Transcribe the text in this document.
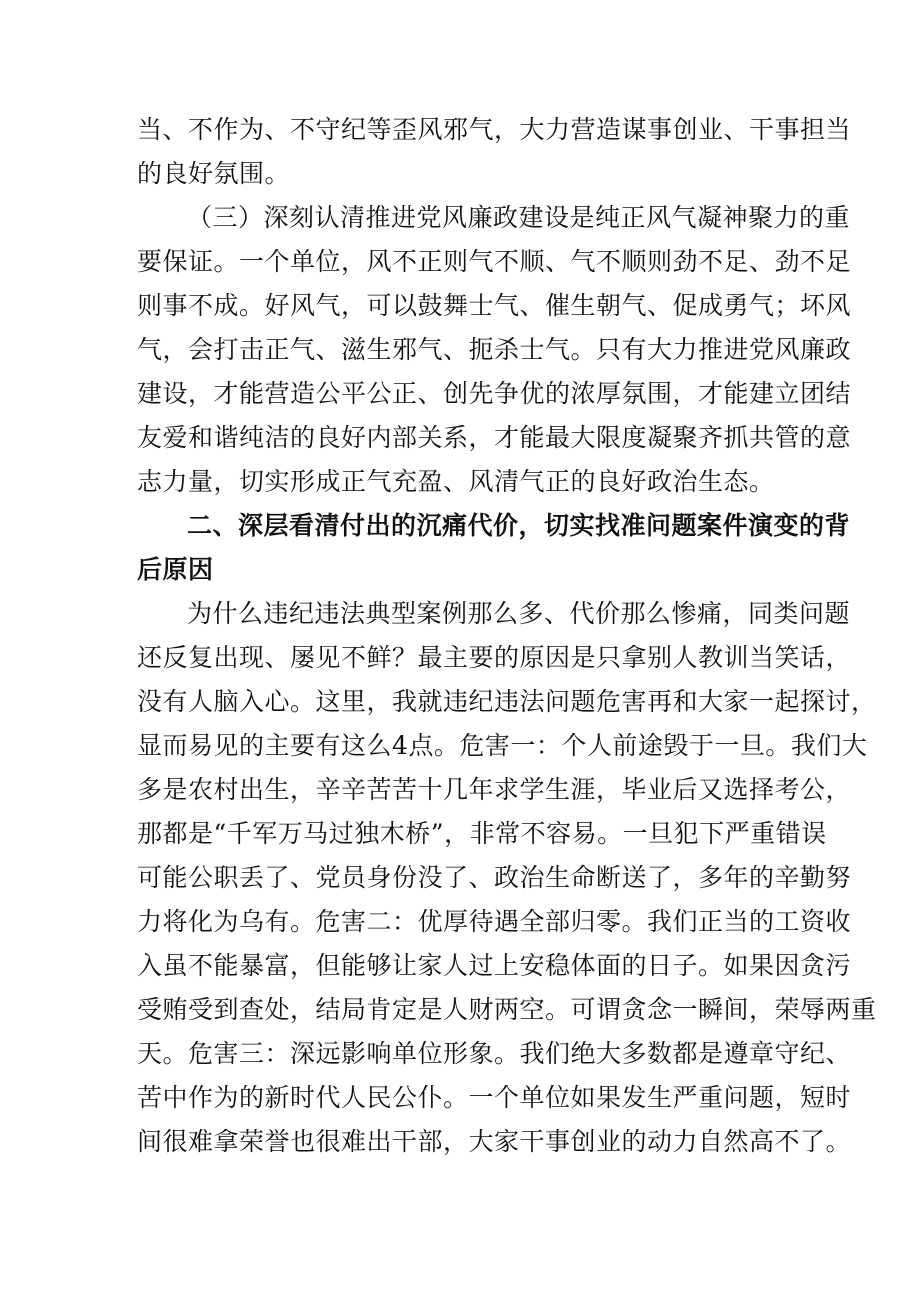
当、不作为、不守纪等歪风邪气，大力营造谋事创业、干事担当
的良好氛围。
（三）深刻认清推进党风廉政建设是纯正风气凝神聚力的重
要保证。一个单位，风不正则气不顺、气不顺则劲不足、劲不足
则事不成。好风气，可以鼓舞士气、催生朝气、促成勇气；坏风
气，会打击正气、滋生邪气、扼杀士气。只有大力推进党风廉政
建设，才能营造公平公正、创先争优的浓厚氛围，才能建立团结
友爱和谐纯洁的良好内部关系，才能最大限度凝聚齐抓共管的意
志力量，切实形成正气充盈、风清气正的良好政治生态。
二、深层看清付出的沉痛代价，切实找准问题案件演变的背
后原因
为什么违纪违法典型案例那么多、代价那么惨痛，同类问题
还反复出现、屡见不鲜？最主要的原因是只拿别人教训当笑话，
没有人脑入心。这里，我就违纪违法问题危害再和大家一起探讨，
显而易见的主要有这么4点。危害一：个人前途毁于一旦。我们大
多是农村出生，辛辛苦苦十几年求学生涯，毕业后又选择考公，
那都是“千军万马过独木桥”，非常不容易。一旦犯下严重错误
可能公职丢了、党员身份没了、政治生命断送了，多年的辛勤努
力将化为乌有。危害二：优厚待遇全部归零。我们正当的工资收
入虽不能暴富，但能够让家人过上安稳体面的日子。如果因贪污
受贿受到查处，结局肯定是人财两空。可谓贪念一瞬间，荣辱两重
天。危害三：深远影响单位形象。我们绝大多数都是遵章守纪、
苦中作为的新时代人民公仆。一个单位如果发生严重问题，短时
间很难拿荣誉也很难出干部，大家干事创业的动力自然高不了。
